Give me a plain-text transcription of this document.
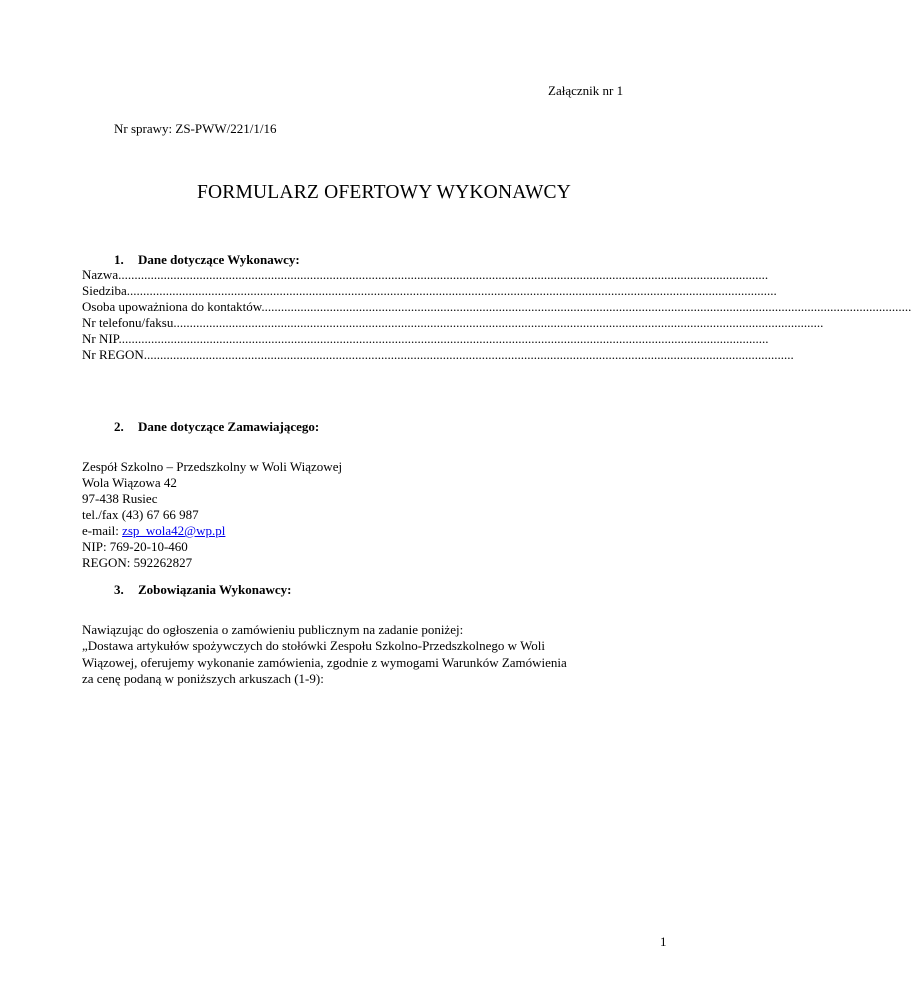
Załącznik nr 1
Nr sprawy: ZS-PWW/221/1/16
FORMULARZ OFERTOWY WYKONAWCY
1. Dane dotyczące Wykonawcy:
Nazwa........................................................................................................................................................................................................
Siedziba........................................................................................................................................................................................................
Osoba upoważniona do kontaktów........................................................................................................................................................................................................
Nr telefonu/faksu........................................................................................................................................................................................................
Nr NIP........................................................................................................................................................................................................
Nr REGON........................................................................................................................................................................................................
2. Dane dotyczące Zamawiającego:
Zespół Szkolno – Przedszkolny w Woli Wiązowej
Wola Wiązowa 42
97-438 Rusiec
tel./fax (43) 67 66 987
e-mail: zsp_wola42@wp.pl
NIP: 769-20-10-460
REGON: 592262827
3. Zobowiązania Wykonawcy:
Nawiązując do ogłoszenia o zamówieniu publicznym na zadanie poniżej:
„Dostawa artykułów spożywczych do stołówki Zespołu Szkolno-Przedszkolnego w Woli
Wiązowej, oferujemy wykonanie zamówienia, zgodnie z wymogami Warunków Zamówienia
za cenę podaną w poniższych arkuszach (1-9):
1
